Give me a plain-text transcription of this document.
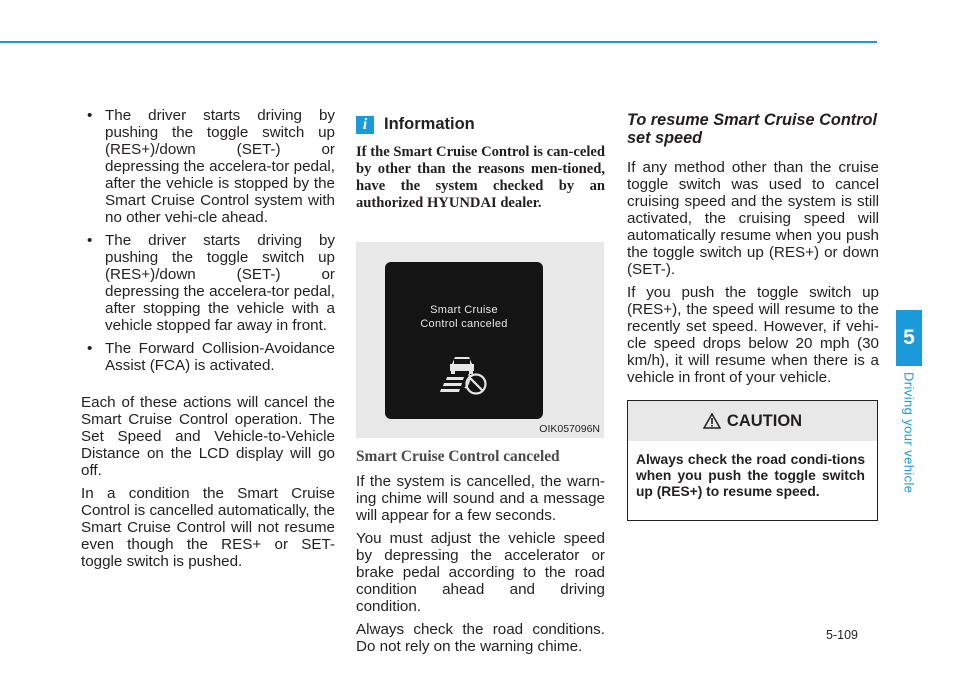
• The driver starts driving by pushing the toggle switch up (RES+)/down (SET-) or depressing the accelera-tor pedal, after the vehicle is stopped by the Smart Cruise Control system with no other vehi-cle ahead.
• The driver starts driving by pushing the toggle switch up (RES+)/down (SET-) or depressing the accelera-tor pedal, after stopping the vehicle with a vehicle stopped far away in front.
• The Forward Collision-Avoidance Assist (FCA) is activated.

Each of these actions will cancel the Smart Cruise Control operation. The Set Speed and Vehicle-to-Vehicle Distance on the LCD display will go off.

In a condition the Smart Cruise Control is cancelled automatically, the Smart Cruise Control will not resume even though the RES+ or SET- toggle switch is pushed.

i	Information

If the Smart Cruise Control is can-celed by other than the reasons men-tioned, have the system checked by an authorized HYUNDAI dealer.

Smart Cruise
Control canceled
OIK057096N
Smart Cruise Control canceled

If the system is cancelled, the warn-ing chime will sound and a message will appear for a few seconds.

You must adjust the vehicle speed by depressing the accelerator or brake pedal according to the road condition ahead and driving condition.

Always check the road conditions. Do not rely on the warning chime.

To resume Smart Cruise Control set speed

If any method other than the cruise toggle switch was used to cancel cruising speed and the system is still activated, the cruising speed will automatically resume when you push the toggle switch up (RES+) or down (SET-).

If you push the toggle switch up (RES+), the speed will resume to the recently set speed. However, if vehi-cle speed drops below 20 mph (30 km/h), it will resume when there is a vehicle in front of your vehicle.

CAUTION

Always check the road condi-tions when you push the toggle switch up (RES+) to resume speed.

5
Driving your vehicle
5-109
